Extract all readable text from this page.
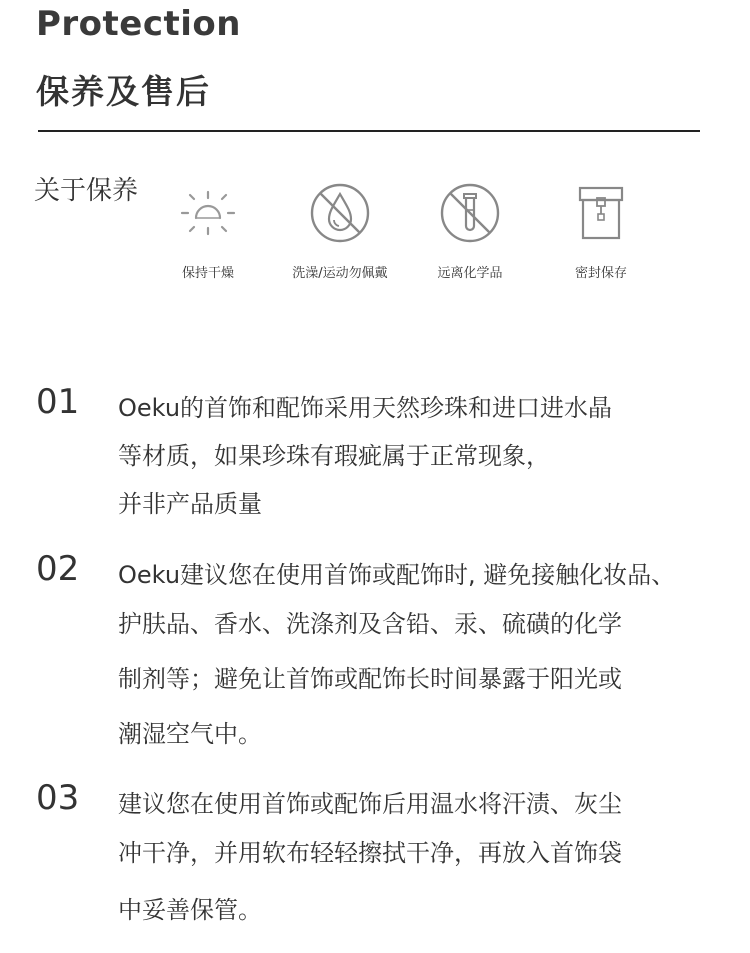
Protection
保养及售后
关于保养
保持干燥	洗澡/运动勿佩戴	远离化学品	密封保存
01 Oeku的首饰和配饰采用天然珍珠和进口进水晶
等材质，如果珍珠有瑕疵属于正常现象，
并非产品质量
02 Oeku建议您在使用首饰或配饰时, 避免接触化妆品、
护肤品、香水、洗涤剂及含铅、汞、硫磺的化学
制剂等；避免让首饰或配饰长时间暴露于阳光或
潮湿空气中。
03 建议您在使用首饰或配饰后用温水将汗渍、灰尘
冲干净，并用软布轻轻擦拭干净，再放入首饰袋
中妥善保管。
